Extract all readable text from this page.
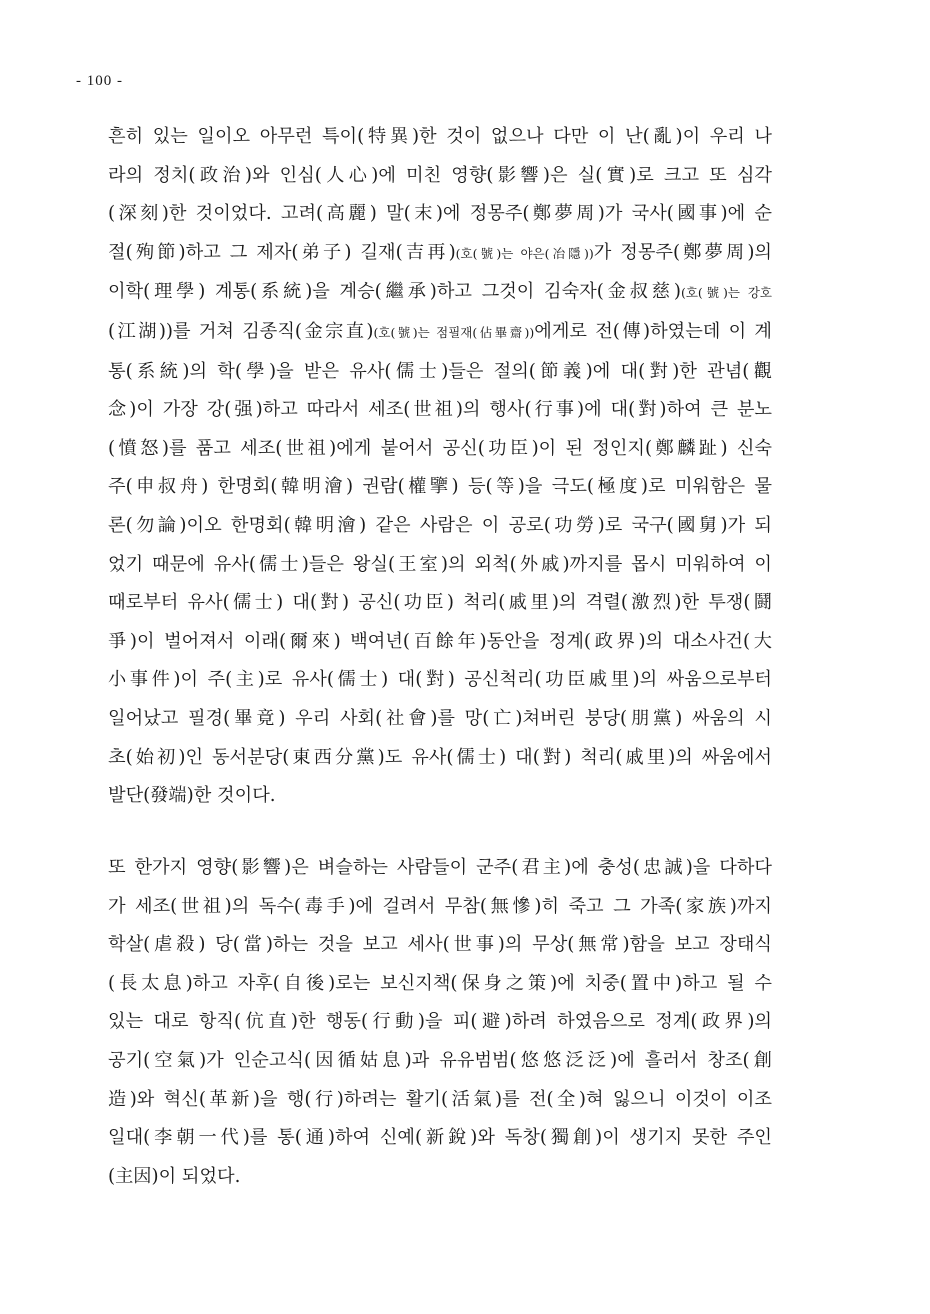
- 100 -
흔히 있는 일이오 아무런 특이(特異)한 것이 없으나 다만 이 난(亂)이 우리 나
라의 정치(政治)와 인심(人心)에 미친 영향(影響)은 실(實)로 크고 또 심각
(深刻)한 것이었다. 고려(高麗) 말(末)에 정몽주(鄭夢周)가 국사(國事)에 순
절(殉節)하고 그 제자(弟子) 길재(吉再)(호(號)는 야은(冶隱))가 정몽주(鄭夢周)의
이학(理學) 계통(系統)을 계승(繼承)하고 그것이 김숙자(金叔慈)(호(號)는 강호
(江湖))를 거쳐 김종직(金宗直)(호(號)는 점필재(佔畢齋))에게로 전(傳)하였는데 이 계
통(系統)의 학(學)을 받은 유사(儒士)들은 절의(節義)에 대(對)한 관념(觀
念)이 가장 강(强)하고 따라서 세조(世祖)의 행사(行事)에 대(對)하여 큰 분노
(憤怒)를 품고 세조(世祖)에게 붙어서 공신(功臣)이 된 정인지(鄭麟趾) 신숙
주(申叔舟) 한명회(韓明澮) 권람(權擥) 등(等)을 극도(極度)로 미워함은 물
론(勿論)이오 한명회(韓明澮) 같은 사람은 이 공로(功勞)로 국구(國舅)가 되
었기 때문에 유사(儒士)들은 왕실(王室)의 외척(外戚)까지를 몹시 미워하여 이
때로부터 유사(儒士) 대(對) 공신(功臣) 척리(戚里)의 격렬(激烈)한 투쟁(鬪
爭)이 벌어져서 이래(爾來) 백여년(百餘年)동안을 정계(政界)의 대소사건(大
小事件)이 주(主)로 유사(儒士) 대(對) 공신척리(功臣戚里)의 싸움으로부터
일어났고 필경(畢竟) 우리 사회(社會)를 망(亡)쳐버린 붕당(朋黨) 싸움의 시
초(始初)인 동서분당(東西分黨)도 유사(儒士) 대(對) 척리(戚里)의 싸움에서
발단(發端)한 것이다.
또 한가지 영향(影響)은 벼슬하는 사람들이 군주(君主)에 충성(忠誠)을 다하다
가 세조(世祖)의 독수(毒手)에 걸려서 무참(無慘)히 죽고 그 가족(家族)까지
학살(虐殺) 당(當)하는 것을 보고 세사(世事)의 무상(無常)함을 보고 장태식
(長太息)하고 자후(自後)로는 보신지책(保身之策)에 치중(置中)하고 될 수
있는 대로 항직(伉直)한 행동(行動)을 피(避)하려 하였음으로 정계(政界)의
공기(空氣)가 인순고식(因循姑息)과 유유범범(悠悠泛泛)에 흘러서 창조(創
造)와 혁신(革新)을 행(行)하려는 활기(活氣)를 전(全)혀 잃으니 이것이 이조
일대(李朝一代)를 통(通)하여 신예(新銳)와 독창(獨創)이 생기지 못한 주인
(主因)이 되었다.
